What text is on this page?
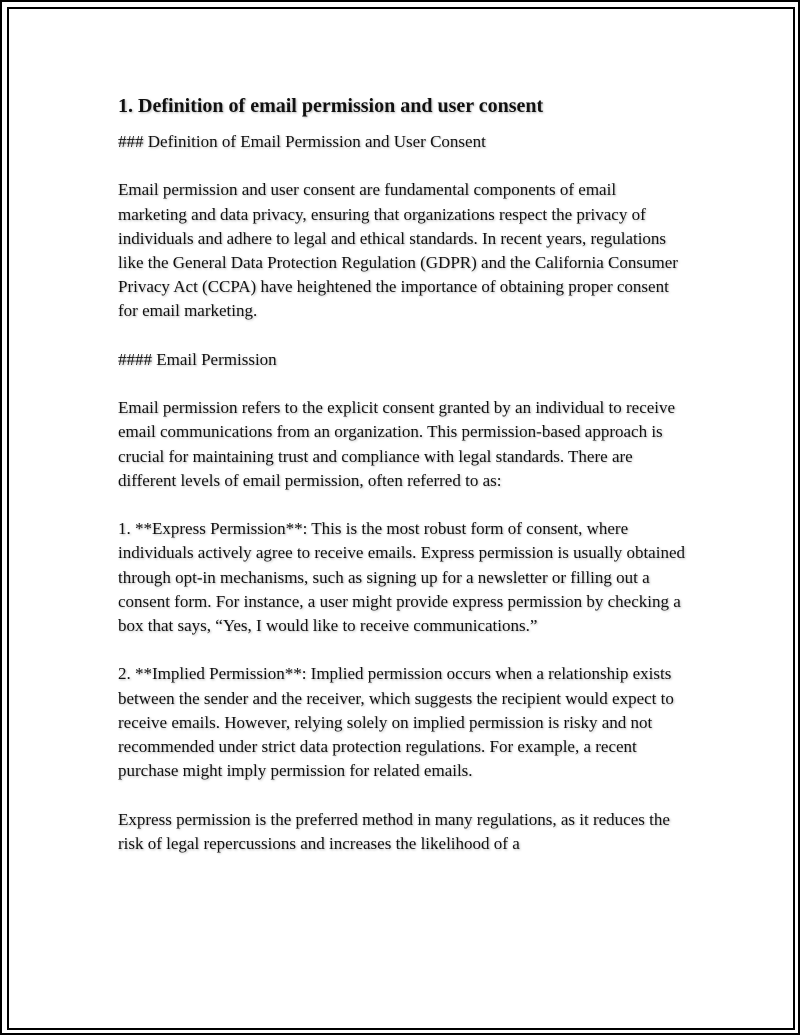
1. Definition of email permission and user consent

### Definition of Email Permission and User Consent

Email permission and user consent are fundamental components of email marketing and data privacy, ensuring that organizations respect the privacy of individuals and adhere to legal and ethical standards. In recent years, regulations like the General Data Protection Regulation (GDPR) and the California Consumer Privacy Act (CCPA) have heightened the importance of obtaining proper consent for email marketing.

#### Email Permission

Email permission refers to the explicit consent granted by an individual to receive email communications from an organization. This permission-based approach is crucial for maintaining trust and compliance with legal standards. There are different levels of email permission, often referred to as:

1. **Express Permission**: This is the most robust form of consent, where individuals actively agree to receive emails. Express permission is usually obtained through opt-in mechanisms, such as signing up for a newsletter or filling out a consent form. For instance, a user might provide express permission by checking a box that says, “Yes, I would like to receive communications.”

2. **Implied Permission**: Implied permission occurs when a relationship exists between the sender and the receiver, which suggests the recipient would expect to receive emails. However, relying solely on implied permission is risky and not recommended under strict data protection regulations. For example, a recent purchase might imply permission for related emails.

Express permission is the preferred method in many regulations, as it reduces the risk of legal repercussions and increases the likelihood of a
